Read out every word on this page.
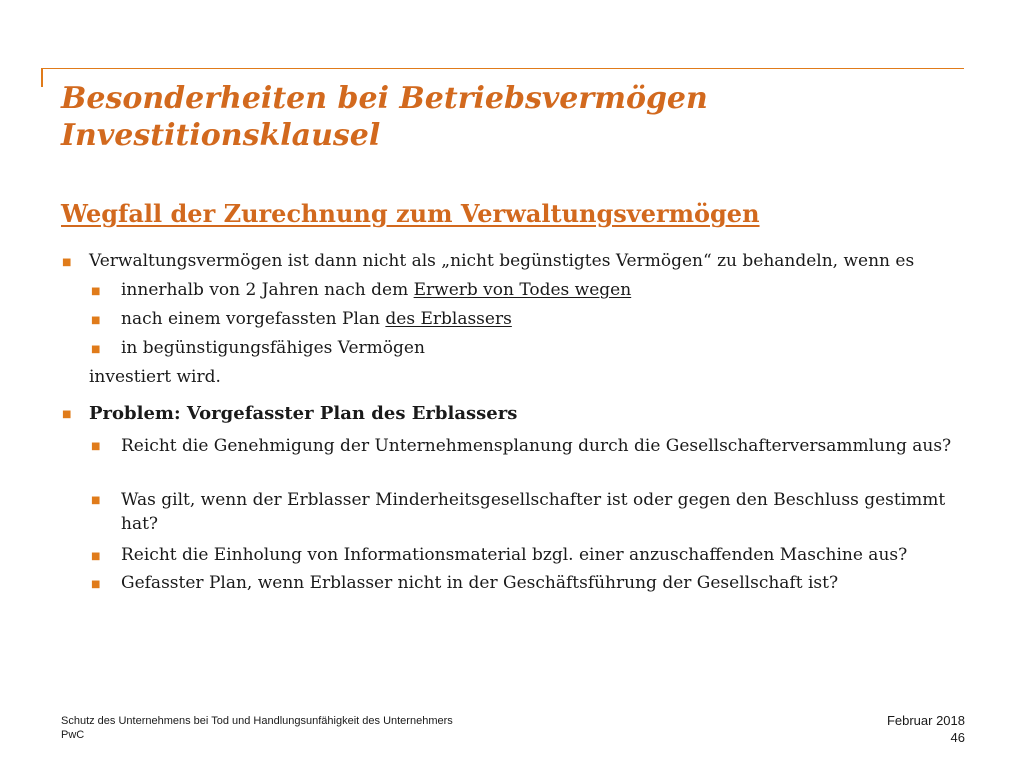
Besonderheiten bei Betriebsvermögen
Investitionsklausel
Wegfall der Zurechnung zum Verwaltungsvermögen
■ Verwaltungsvermögen ist dann nicht als „nicht begünstigtes Vermögen“ zu behandeln, wenn es
■ innerhalb von 2 Jahren nach dem Erwerb von Todes wegen
■ nach einem vorgefassten Plan des Erblassers
■ in begünstigungsfähiges Vermögen
investiert wird.
■ Problem: Vorgefasster Plan des Erblassers
■ Reicht die Genehmigung der Unternehmensplanung durch die Gesellschafterversammlung aus?
■ Was gilt, wenn der Erblasser Minderheitsgesellschafter ist oder gegen den Beschluss gestimmt hat?
■ Reicht die Einholung von Informationsmaterial bzgl. einer anzuschaffenden Maschine aus?
■ Gefasster Plan, wenn Erblasser nicht in der Geschäftsführung der Gesellschaft ist?
Schutz des Unternehmens bei Tod und Handlungsunfähigkeit des Unternehmers
PwC
Februar 2018
46
